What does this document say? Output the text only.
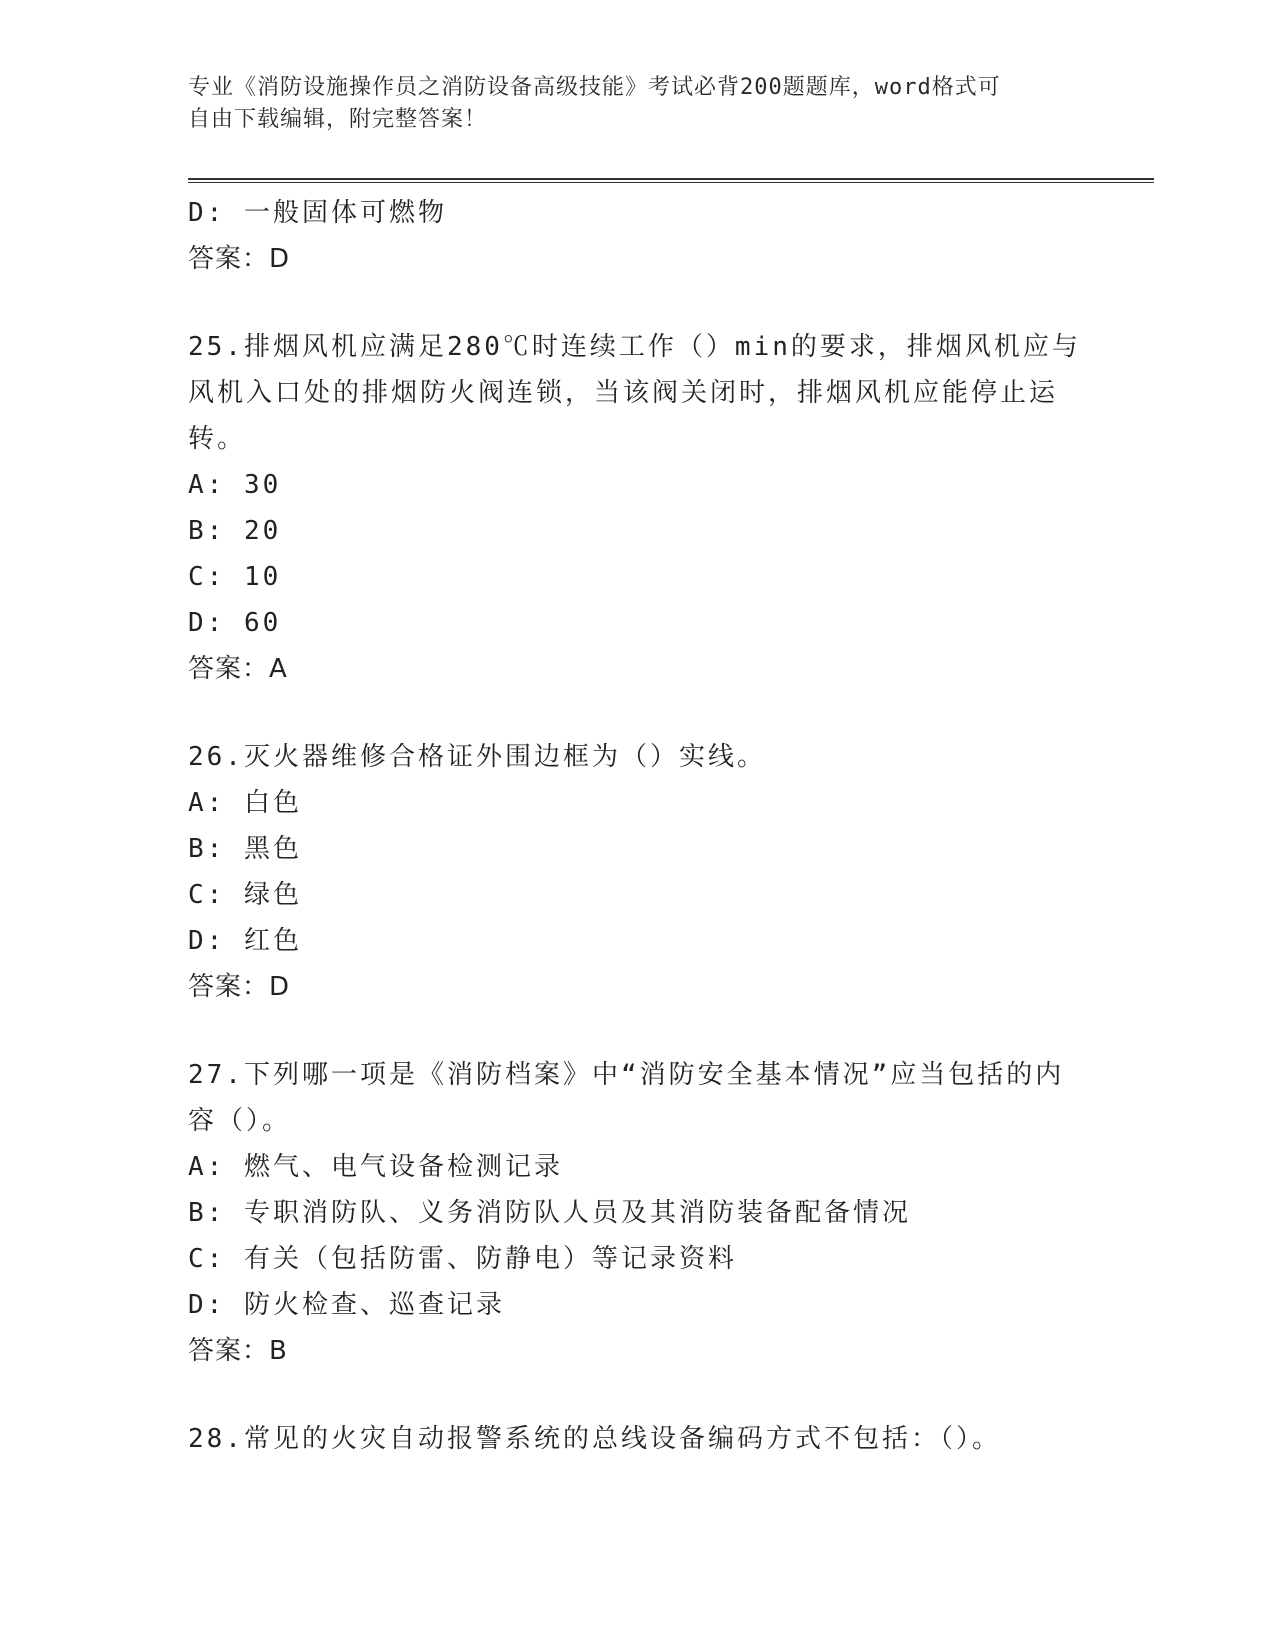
专业《消防设施操作员之消防设备高级技能》考试必背200题题库，word格式可
自由下载编辑，附完整答案！
D: 一般固体可燃物
答案：D
25.排烟风机应满足280℃时连续工作（）min的要求，排烟风机应与
风机入口处的排烟防火阀连锁，当该阀关闭时，排烟风机应能停止运
转。
A: 30
B: 20
C: 10
D: 60
答案：A
26.灭火器维修合格证外围边框为（）实线。
A: 白色
B: 黑色
C: 绿色
D: 红色
答案：D
27.下列哪一项是《消防档案》中“消防安全基本情况”应当包括的内
容（）。
A: 燃气、电气设备检测记录
B: 专职消防队、义务消防队人员及其消防装备配备情况
C: 有关（包括防雷、防静电）等记录资料
D: 防火检查、巡查记录
答案：B
28.常见的火灾自动报警系统的总线设备编码方式不包括：（）。
